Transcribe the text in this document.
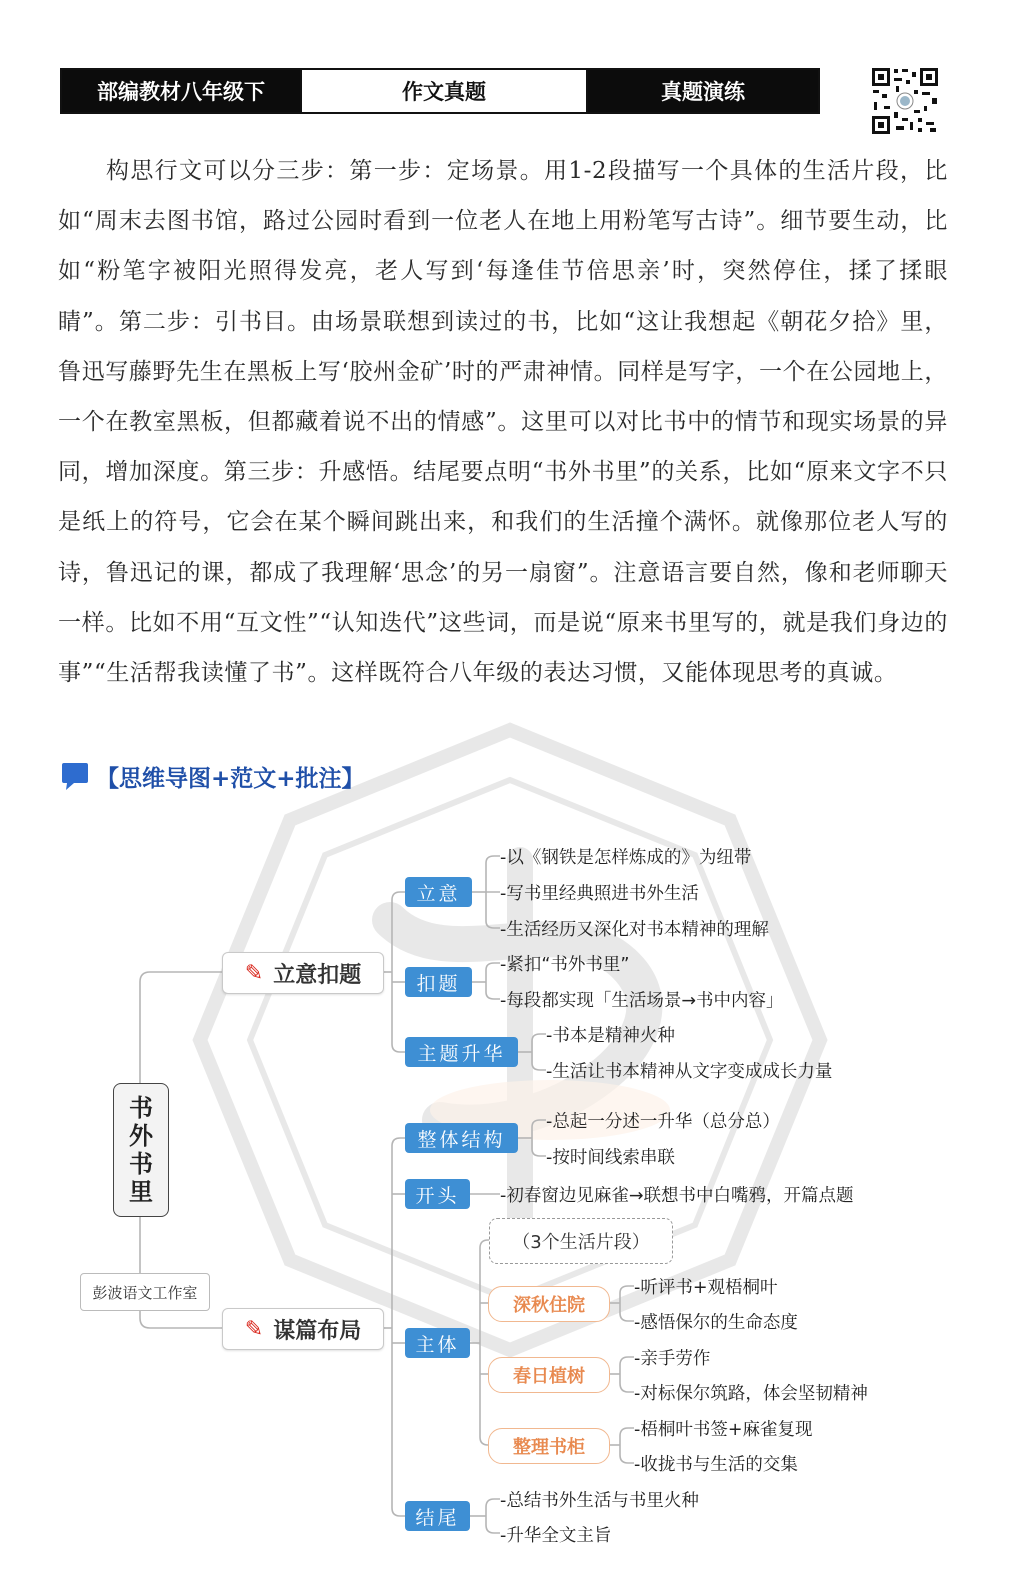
部编教材八年级下	作文真题	真题演练
构思行文可以分三步：第一步：定场景。用1-2段描写一个具体的生活片段，比如“周末去图书馆，路过公园时看到一位老人在地上用粉笔写古诗”。细节要生动，比如“粉笔字被阳光照得发亮，老人写到‘每逢佳节倍思亲’时，突然停住，揉了揉眼睛”。第二步：引书目。由场景联想到读过的书，比如“这让我想起《朝花夕拾》里，鲁迅写藤野先生在黑板上写‘胶州金矿’时的严肃神情。同样是写字，一个在公园地上，一个在教室黑板，但都藏着说不出的情感”。这里可以对比书中的情节和现实场景的异同，增加深度。第三步：升感悟。结尾要点明“书外书里”的关系，比如“原来文字不只是纸上的符号，它会在某个瞬间跳出来，和我们的生活撞个满怀。就像那位老人写的诗，鲁迅记的课，都成了我理解‘思念’的另一扇窗”。注意语言要自然，像和老师聊天一样。比如不用“互文性”“认知迭代”这些词，而是说“原来书里写的，就是我们身边的事”“生活帮我读懂了书”。这样既符合八年级的表达习惯，又能体现思考的真诚。
【思维导图+范文+批注】
书
外
书
里
彭波语文工作室
✎ 立意扣题
✎ 谋篇布局
立意
扣题
主题升华
-以《钢铁是怎样炼成的》为纽带
-写书里经典照进书外生活
-生活经历又深化对书本精神的理解
-紧扣“书外书里”
-每段都实现「生活场景→书中内容」
-书本是精神火种
-生活让书本精神从文字变成成长力量
整体结构
开头
主体
结尾
-总起一分述一升华（总分总）
-按时间线索串联
-初春窗边见麻雀→联想书中白嘴鸦，开篇点题
（3个生活片段）
深秋住院
春日植树
整理书柜
-听评书+观梧桐叶
-感悟保尔的生命态度
-亲手劳作
-对标保尔筑路，体会坚韧精神
-梧桐叶书签+麻雀复现
-收拢书与生活的交集
-总结书外生活与书里火种
-升华全文主旨
